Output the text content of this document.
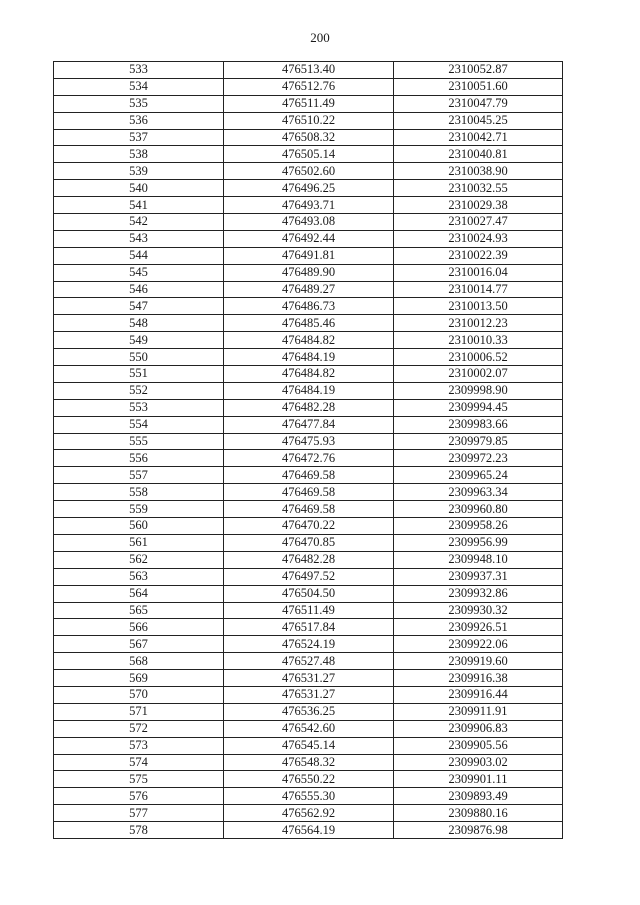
200
533	476513.40	2310052.87
534	476512.76	2310051.60
535	476511.49	2310047.79
536	476510.22	2310045.25
537	476508.32	2310042.71
538	476505.14	2310040.81
539	476502.60	2310038.90
540	476496.25	2310032.55
541	476493.71	2310029.38
542	476493.08	2310027.47
543	476492.44	2310024.93
544	476491.81	2310022.39
545	476489.90	2310016.04
546	476489.27	2310014.77
547	476486.73	2310013.50
548	476485.46	2310012.23
549	476484.82	2310010.33
550	476484.19	2310006.52
551	476484.82	2310002.07
552	476484.19	2309998.90
553	476482.28	2309994.45
554	476477.84	2309983.66
555	476475.93	2309979.85
556	476472.76	2309972.23
557	476469.58	2309965.24
558	476469.58	2309963.34
559	476469.58	2309960.80
560	476470.22	2309958.26
561	476470.85	2309956.99
562	476482.28	2309948.10
563	476497.52	2309937.31
564	476504.50	2309932.86
565	476511.49	2309930.32
566	476517.84	2309926.51
567	476524.19	2309922.06
568	476527.48	2309919.60
569	476531.27	2309916.38
570	476531.27	2309916.44
571	476536.25	2309911.91
572	476542.60	2309906.83
573	476545.14	2309905.56
574	476548.32	2309903.02
575	476550.22	2309901.11
576	476555.30	2309893.49
577	476562.92	2309880.16
578	476564.19	2309876.98
